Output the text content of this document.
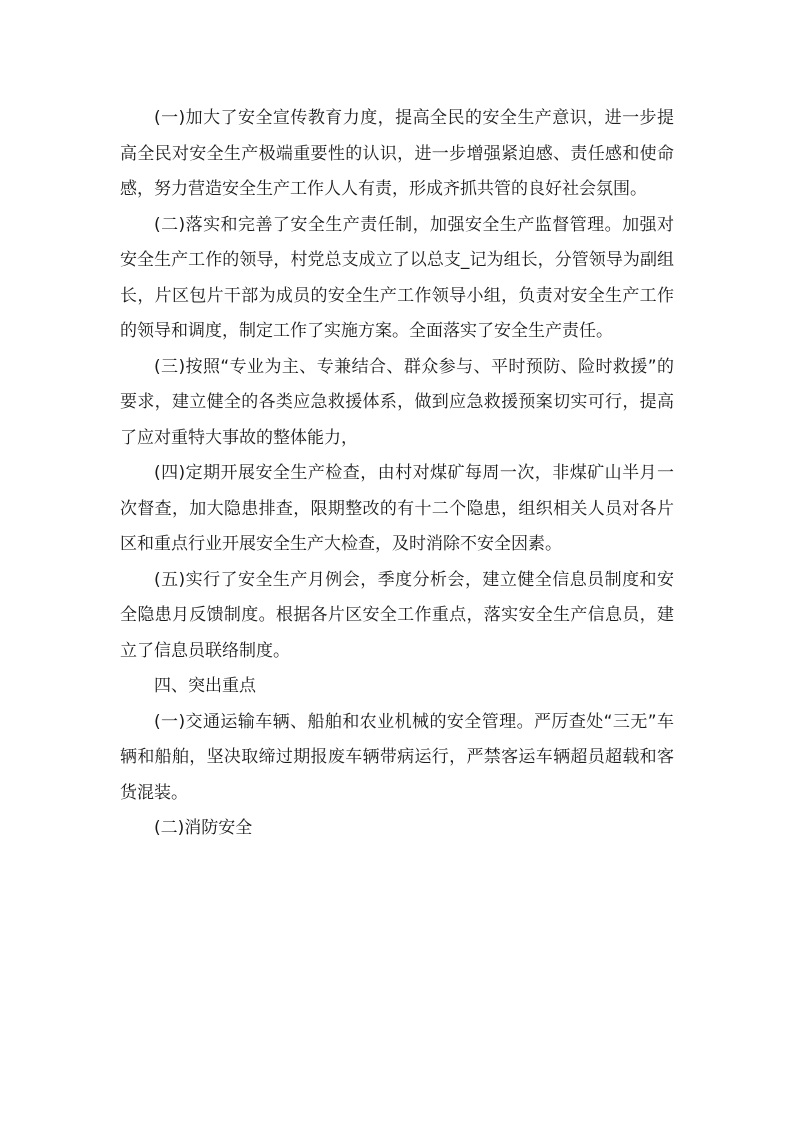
(一)加大了安全宣传教育力度，提高全民的安全生产意识，进一步提高全民对安全生产极端重要性的认识，进一步增强紧迫感、责任感和使命感，努力营造安全生产工作人人有责，形成齐抓共管的良好社会氛围。

(二)落实和完善了安全生产责任制，加强安全生产监督管理。加强对安全生产工作的领导，村党总支成立了以总支_记为组长，分管领导为副组长，片区包片干部为成员的安全生产工作领导小组，负责对安全生产工作的领导和调度，制定工作了实施方案。全面落实了安全生产责任。

(三)按照“专业为主、专兼结合、群众参与、平时预防、险时救援”的要求，建立健全的各类应急救援体系，做到应急救援预案切实可行，提高了应对重特大事故的整体能力，

(四)定期开展安全生产检查，由村对煤矿每周一次，非煤矿山半月一次督查，加大隐患排查，限期整改的有十二个隐患，组织相关人员对各片区和重点行业开展安全生产大检查，及时消除不安全因素。

(五)实行了安全生产月例会，季度分析会，建立健全信息员制度和安全隐患月反馈制度。根据各片区安全工作重点，落实安全生产信息员，建立了信息员联络制度。

四、突出重点

(一)交通运输车辆、船舶和农业机械的安全管理。严厉查处“三无”车辆和船舶，坚决取缔过期报废车辆带病运行，严禁客运车辆超员超载和客货混装。

(二)消防安全
